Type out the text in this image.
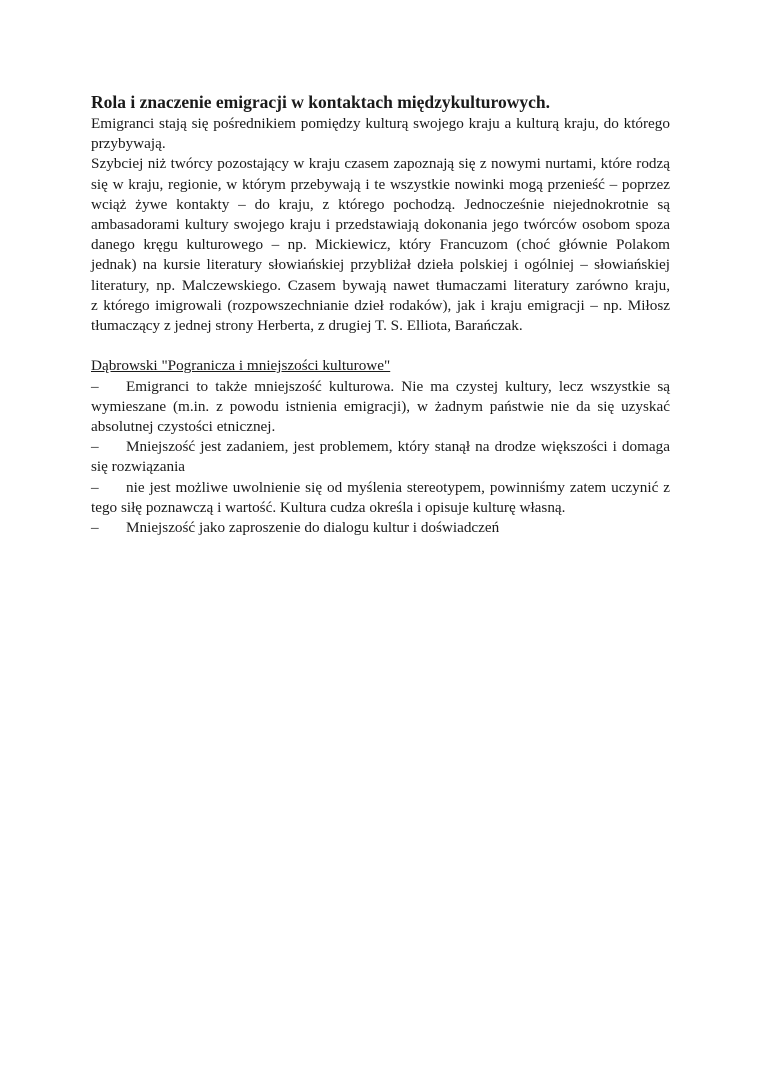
Rola i znaczenie emigracji w kontaktach międzykulturowych.

Emigranci stają się pośrednikiem pomiędzy kulturą swojego kraju a kulturą kraju, do którego

przybywają.

Szybciej niż twórcy pozostający w kraju czasem zapoznają się z nowymi nurtami, które rodzą

się w kraju, regionie, w którym przebywają i te wszystkie nowinki mogą przenieść – poprzez

wciąż żywe kontakty – do kraju, z którego pochodzą. Jednocześnie niejednokrotnie są

ambasadorami kultury swojego kraju i przedstawiają dokonania jego twórców osobom spoza

danego kręgu kulturowego – np. Mickiewicz, który Francuzom (choć głównie Polakom

jednak) na kursie literatury słowiańskiej przybliżał dzieła polskiej i ogólniej – słowiańskiej

literatury, np. Malczewskiego. Czasem bywają nawet tłumaczami literatury zarówno kraju,

z którego imigrowali (rozpowszechnianie dzieł rodaków), jak i kraju emigracji – np. Miłosz

tłumaczący z jednej strony Herberta, z drugiej T. S. Elliota, Barańczak.

Dąbrowski "Pogranicza i mniejszości kulturowe"

–	Emigranci to także mniejszość kulturowa. Nie ma czystej kultury, lecz wszystkie są

wymieszane (m.in. z powodu istnienia emigracji), w żadnym państwie nie da się uzyskać

absolutnej czystości etnicznej.

–	Mniejszość jest zadaniem, jest problemem, który stanął na drodze większości i domaga

się rozwiązania

–	nie jest możliwe uwolnienie się od myślenia stereotypem, powinniśmy zatem uczynić z

tego siłę poznawczą i wartość. Kultura cudza określa i opisuje kulturę własną.

–	Mniejszość jako zaproszenie do dialogu kultur i doświadczeń
